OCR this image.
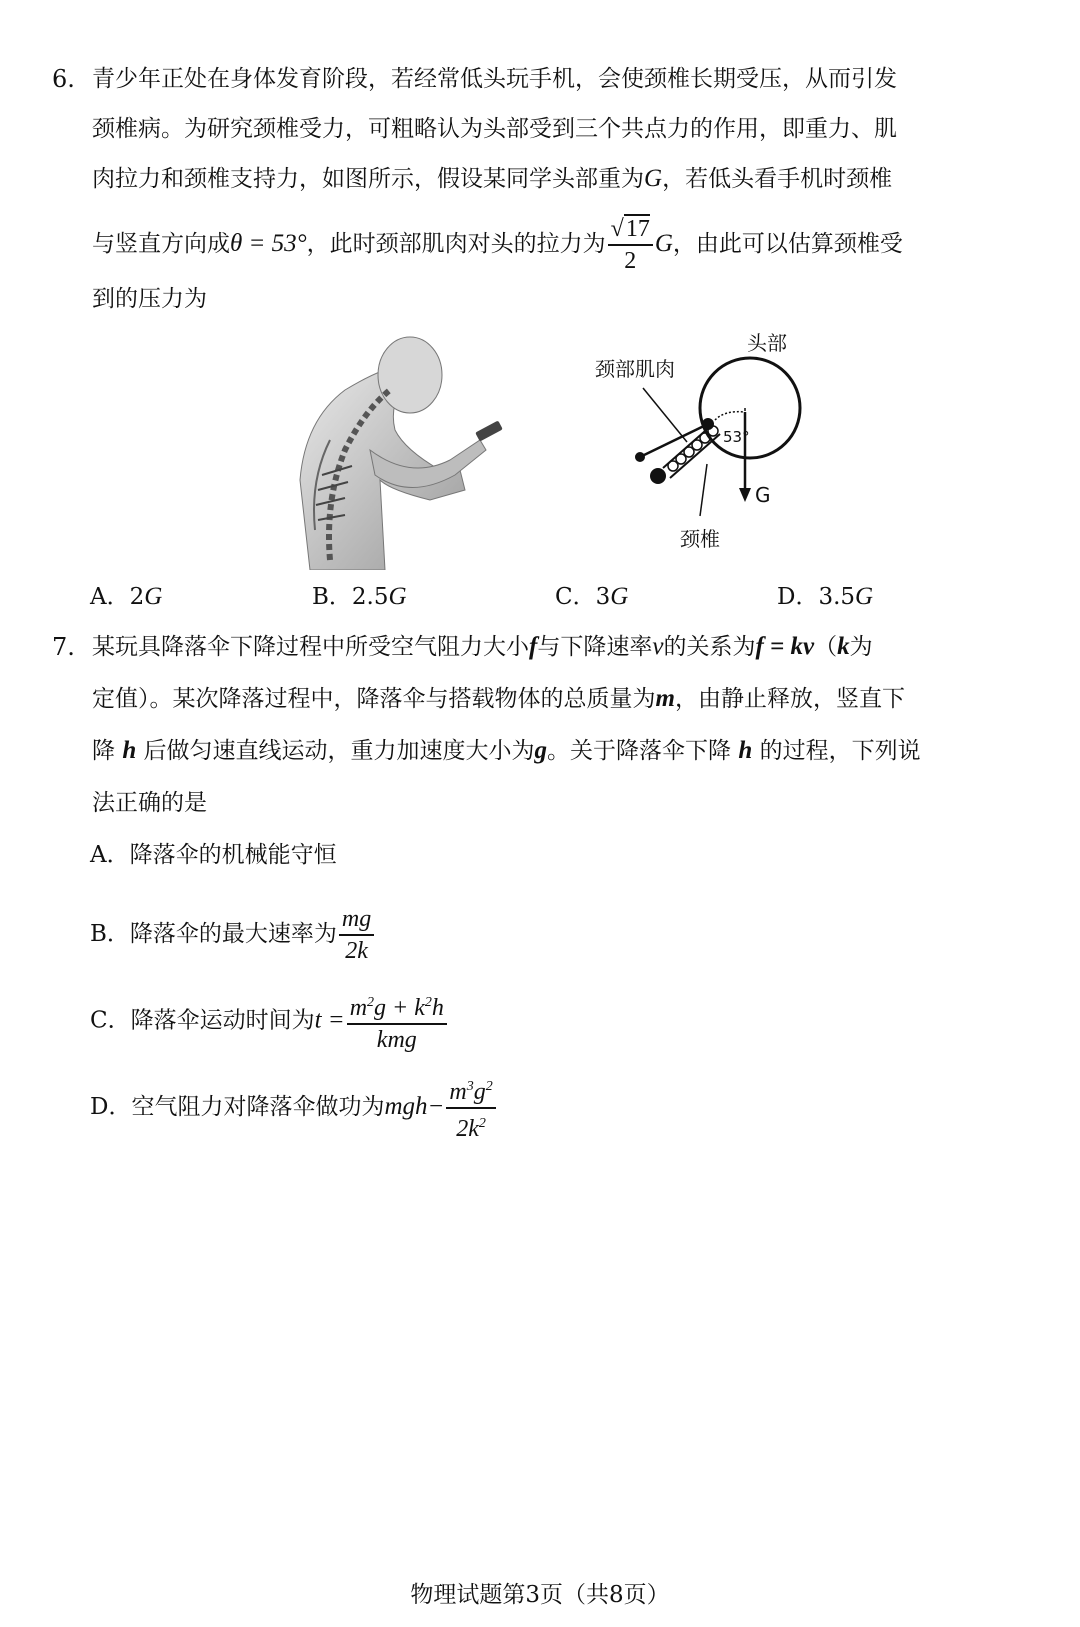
6. 青少年正处在身体发育阶段，若经常低头玩手机，会使颈椎长期受压，从而引发
颈椎病。为研究颈椎受力，可粗略认为头部受到三个共点力的作用，即重力、肌
肉拉力和颈椎支持力，如图所示，假设某同学头部重为G，若低头看手机时颈椎
与竖直方向成θ = 53°，此时颈部肌肉对头的拉力为 $\frac{√17}{2}$ G，由此可以估算颈椎受
到的压力为
头部
颈部肌肉
颈椎
53°
G
A．2G	B．2.5G	C．3G	D．3.5G
7. 某玩具降落伞下降过程中所受空气阻力大小f与下降速率v的关系为f = kv（k为
定值）。某次降落过程中，降落伞与搭载物体的总质量为m，由静止释放，竖直下
降 h 后做匀速直线运动，重力加速度大小为g。关于降落伞下降 h 的过程，下列说
法正确的是
A．降落伞的机械能守恒
B．降落伞的最大速率为 $\frac{mg}{2k}$
C．降落伞运动时间为$t = \frac{m^2g + k^2h}{\text{kmg}}$
D．空气阻力对降落伞做功为$mgh- \frac{m^3g^2}{2k^2}$
物理试题第3页（共8页）
